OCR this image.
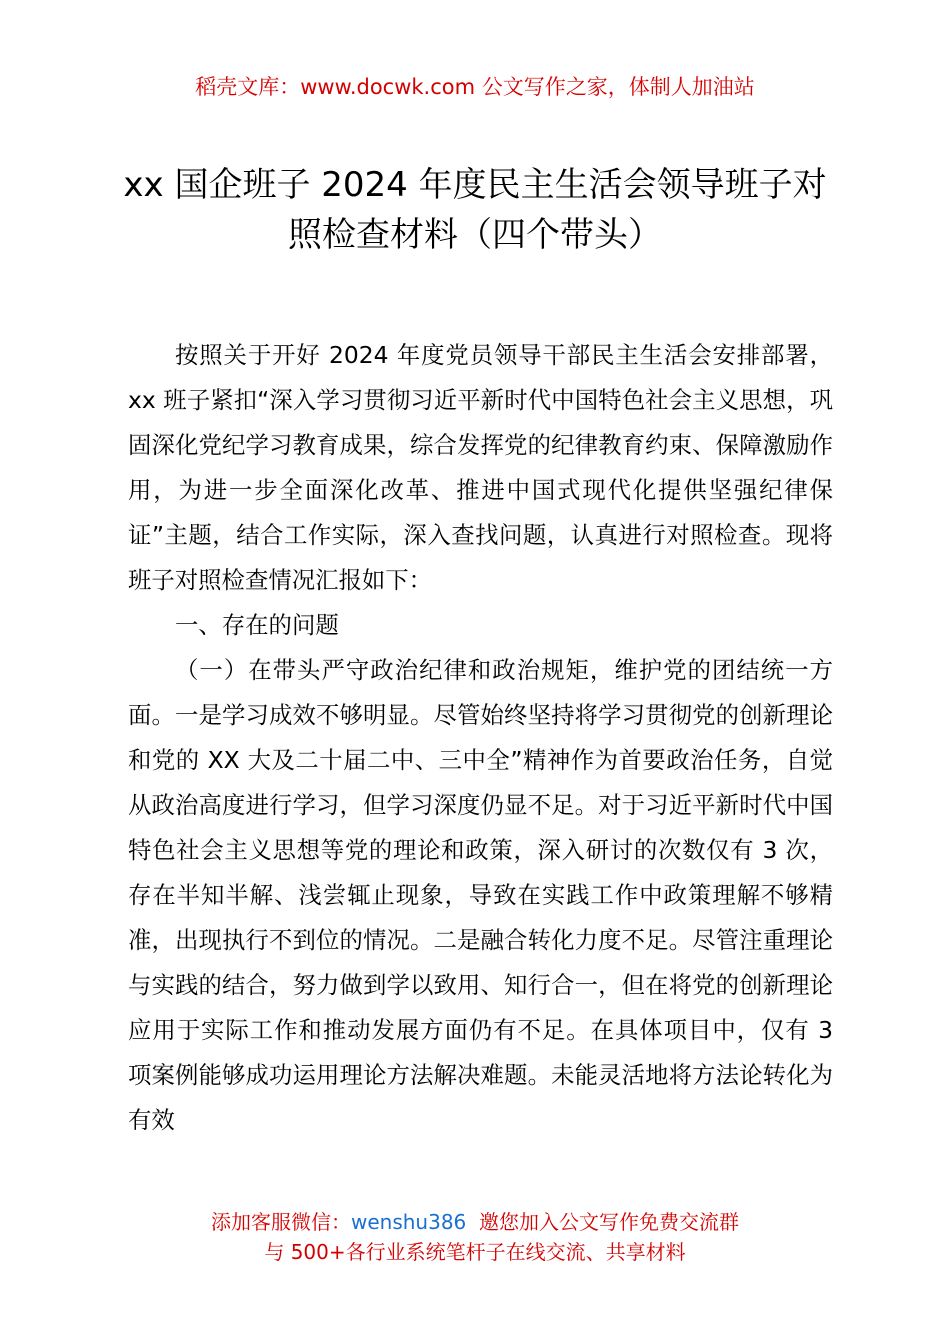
稻壳文库：www.docwk.com 公文写作之家，体制人加油站
xx 国企班子 2024 年度民主生活会领导班子对
照检查材料（四个带头）

按照关于开好 2024 年度党员领导干部民主生活会安排部署，xx 班子紧扣“深入学习贯彻习近平新时代中国特色社会主义思想，巩固深化党纪学习教育成果，综合发挥党的纪律教育约束、保障激励作用，为进一步全面深化改革、推进中国式现代化提供坚强纪律保证”主题，结合工作实际，深入查找问题，认真进行对照检查。现将班子对照检查情况汇报如下：

一、存在的问题

（一）在带头严守政治纪律和政治规矩，维护党的团结统一方面。一是学习成效不够明显。尽管始终坚持将学习贯彻党的创新理论和党的 XX 大及二十届二中、三中全”精神作为首要政治任务，自觉从政治高度进行学习，但学习深度仍显不足。对于习近平新时代中国特色社会主义思想等党的理论和政策，深入研讨的次数仅有 3 次，存在半知半解、浅尝辄止现象，导致在实践工作中政策理解不够精准，出现执行不到位的情况。二是融合转化力度不足。尽管注重理论与实践的结合，努力做到学以致用、知行合一，但在将党的创新理论应用于实际工作和推动发展方面仍有不足。在具体项目中，仅有 3 项案例能够成功运用理论方法解决难题。未能灵活地将方法论转化为有效

添加客服微信：wenshu386  邀您加入公文写作免费交流群
与 500+各行业系统笔杆子在线交流、共享材料
